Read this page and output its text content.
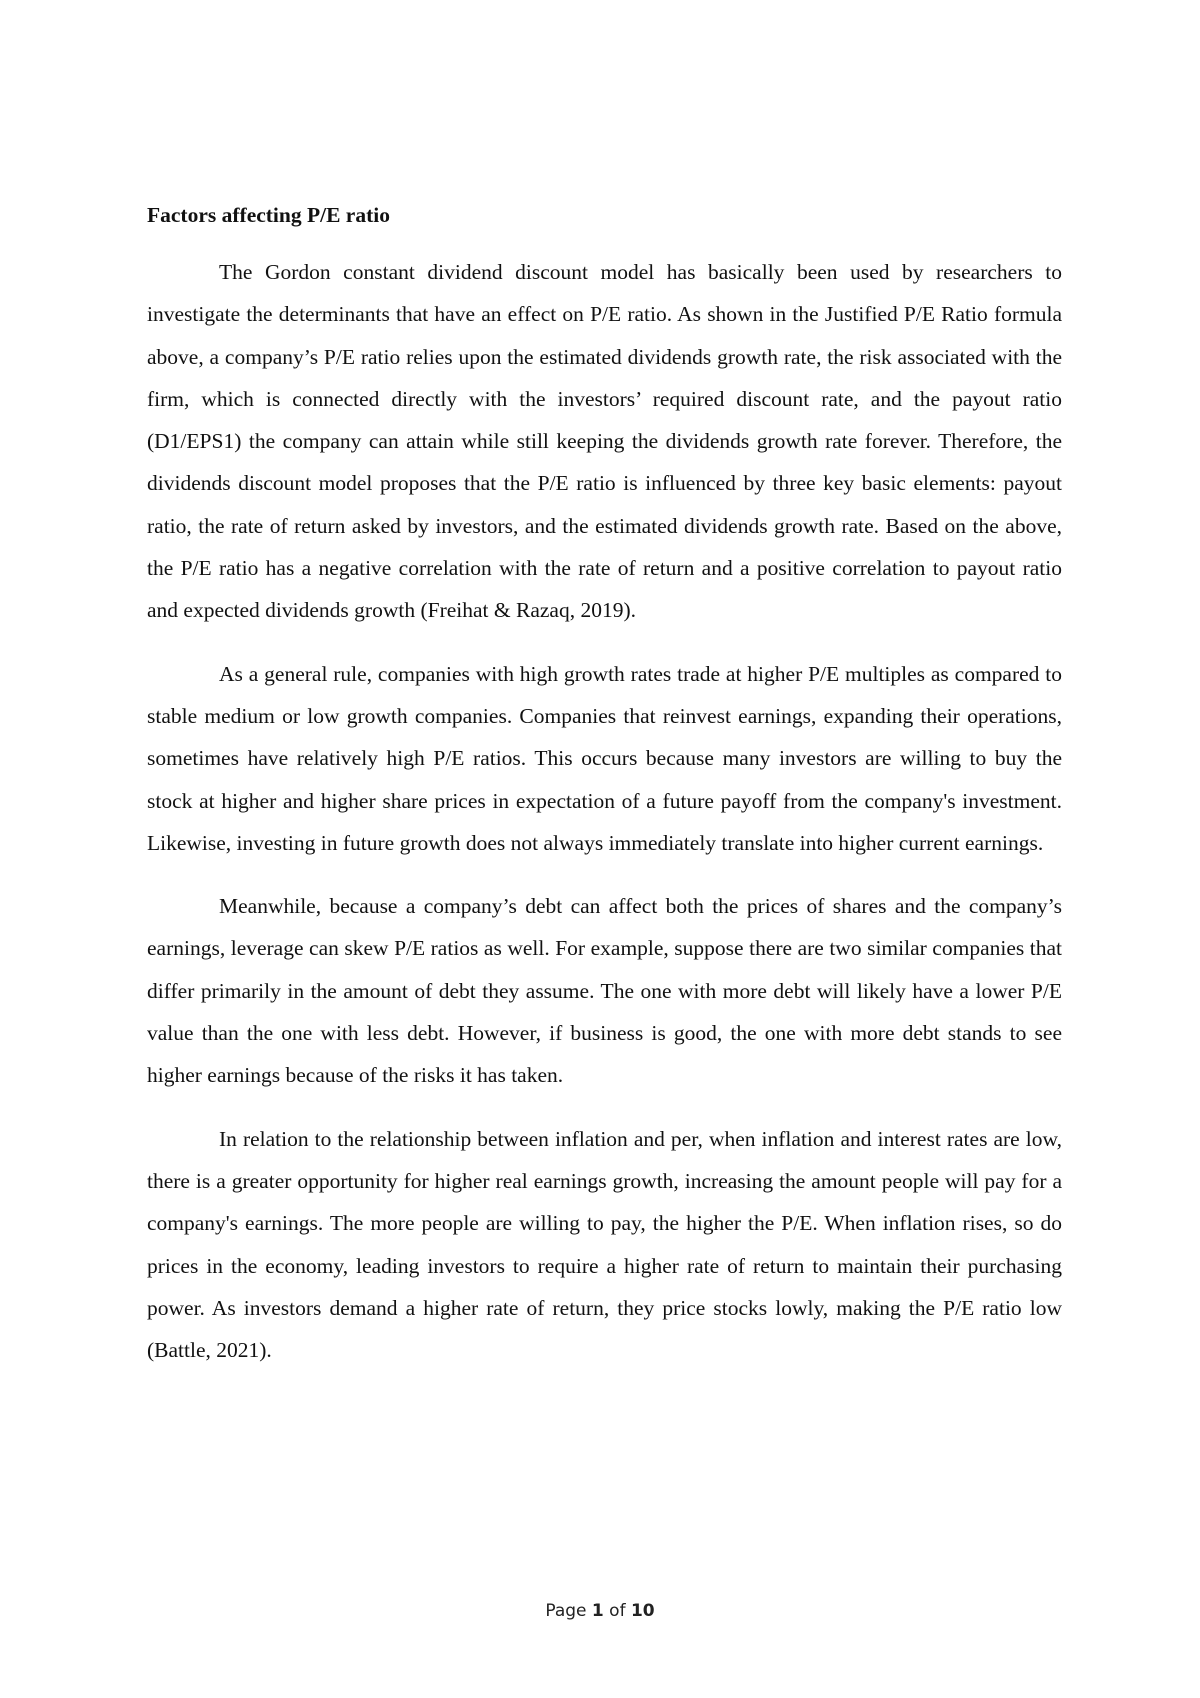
Factors affecting P/E ratio

The Gordon constant dividend discount model has basically been used by researchers to investigate the determinants that have an effect on P/E ratio. As shown in the Justified P/E Ratio formula above, a company’s P/E ratio relies upon the estimated dividends growth rate, the risk associated with the firm, which is connected directly with the investors’ required discount rate, and the payout ratio (D1/EPS1) the company can attain while still keeping the dividends growth rate forever. Therefore, the dividends discount model proposes that the P/E ratio is influenced by three key basic elements: payout ratio, the rate of return asked by investors, and the estimated dividends growth rate. Based on the above, the P/E ratio has a negative correlation with the rate of return and a positive correlation to payout ratio and expected dividends growth (Freihat & Razaq, 2019).

As a general rule, companies with high growth rates trade at higher P/E multiples as compared to stable medium or low growth companies. Companies that reinvest earnings, expanding their operations, sometimes have relatively high P/E ratios. This occurs because many investors are willing to buy the stock at higher and higher share prices in expectation of a future payoff from the company's investment. Likewise, investing in future growth does not always immediately translate into higher current earnings.

Meanwhile, because a company’s debt can affect both the prices of shares and the company’s earnings, leverage can skew P/E ratios as well. For example, suppose there are two similar companies that differ primarily in the amount of debt they assume. The one with more debt will likely have a lower P/E value than the one with less debt. However, if business is good, the one with more debt stands to see higher earnings because of the risks it has taken.

In relation to the relationship between inflation and per, when inflation and interest rates are low, there is a greater opportunity for higher real earnings growth, increasing the amount people will pay for a company's earnings. The more people are willing to pay, the higher the P/E. When inflation rises, so do prices in the economy, leading investors to require a higher rate of return to maintain their purchasing power. As investors demand a higher rate of return, they price stocks lowly, making the P/E ratio low (Battle, 2021).

Page 1 of 10
